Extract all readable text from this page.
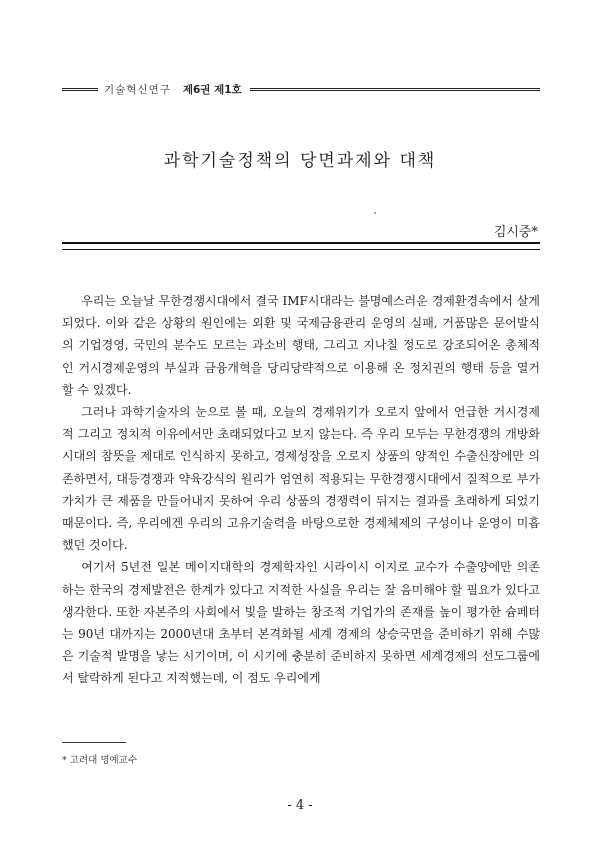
기술혁신연구 제6권 제1호
과학기술정책의 당면과제와 대책
김시중*

우리는 오늘날 무한경쟁시대에서 결국 IMF시대라는 불명예스러운 경제환경속에서 살게 되었다. 이와 같은 상황의 원인에는 외환 및 국제금융관리 운영의 실패, 거품많은 문어발식의 기업경영, 국민의 분수도 모르는 과소비 행태, 그리고 지나칠 정도로 강조되어온 총체적인 거시경제운영의 부실과 금융개혁을 당리당략적으로 이용해 온 정치권의 행태 등을 열거할 수 있겠다.

그러나 과학기술자의 눈으로 볼 때, 오늘의 경제위기가 오로지 앞에서 언급한 거시경제적 그리고 정치적 이유에서만 초래되었다고 보지 않는다. 즉 우리 모두는 무한경쟁의 개방화시대의 참뜻을 제대로 인식하지 못하고, 경제성장을 오로지 상품의 양적인 수출신장에만 의존하면서, 대등경쟁과 약육강식의 원리가 엄연히 적용되는 무한경쟁시대에서 질적으로 부가가치가 큰 제품을 만들어내지 못하여 우리 상품의 경쟁력이 뒤지는 결과를 초래하게 되었기 때문이다. 즉, 우리에겐 우리의 고유기술력을 바탕으로한 경제체제의 구성이나 운영이 미흡했던 것이다.

여기서 5년전 일본 메이지대학의 경제학자인 시라이시 이지로 교수가 수출양에만 의존하는 한국의 경제발전은 한계가 있다고 지적한 사실을 우리는 잘 음미해야 할 필요가 있다고 생각한다. 또한 자본주의 사회에서 빛을 발하는 창조적 기업가의 존재를 높이 평가한 슘페터는 90년 대까지는 2000년대 초부터 본격화될 세계 경제의 상승국면을 준비하기 위해 수많은 기술적 발명을 낳는 시기이며, 이 시기에 충분히 준비하지 못하면 세계경제의 선도그룹에서 탈락하게 된다고 지적했는데, 이 점도 우리에게

* 고려대 명예교수
- 4 -
